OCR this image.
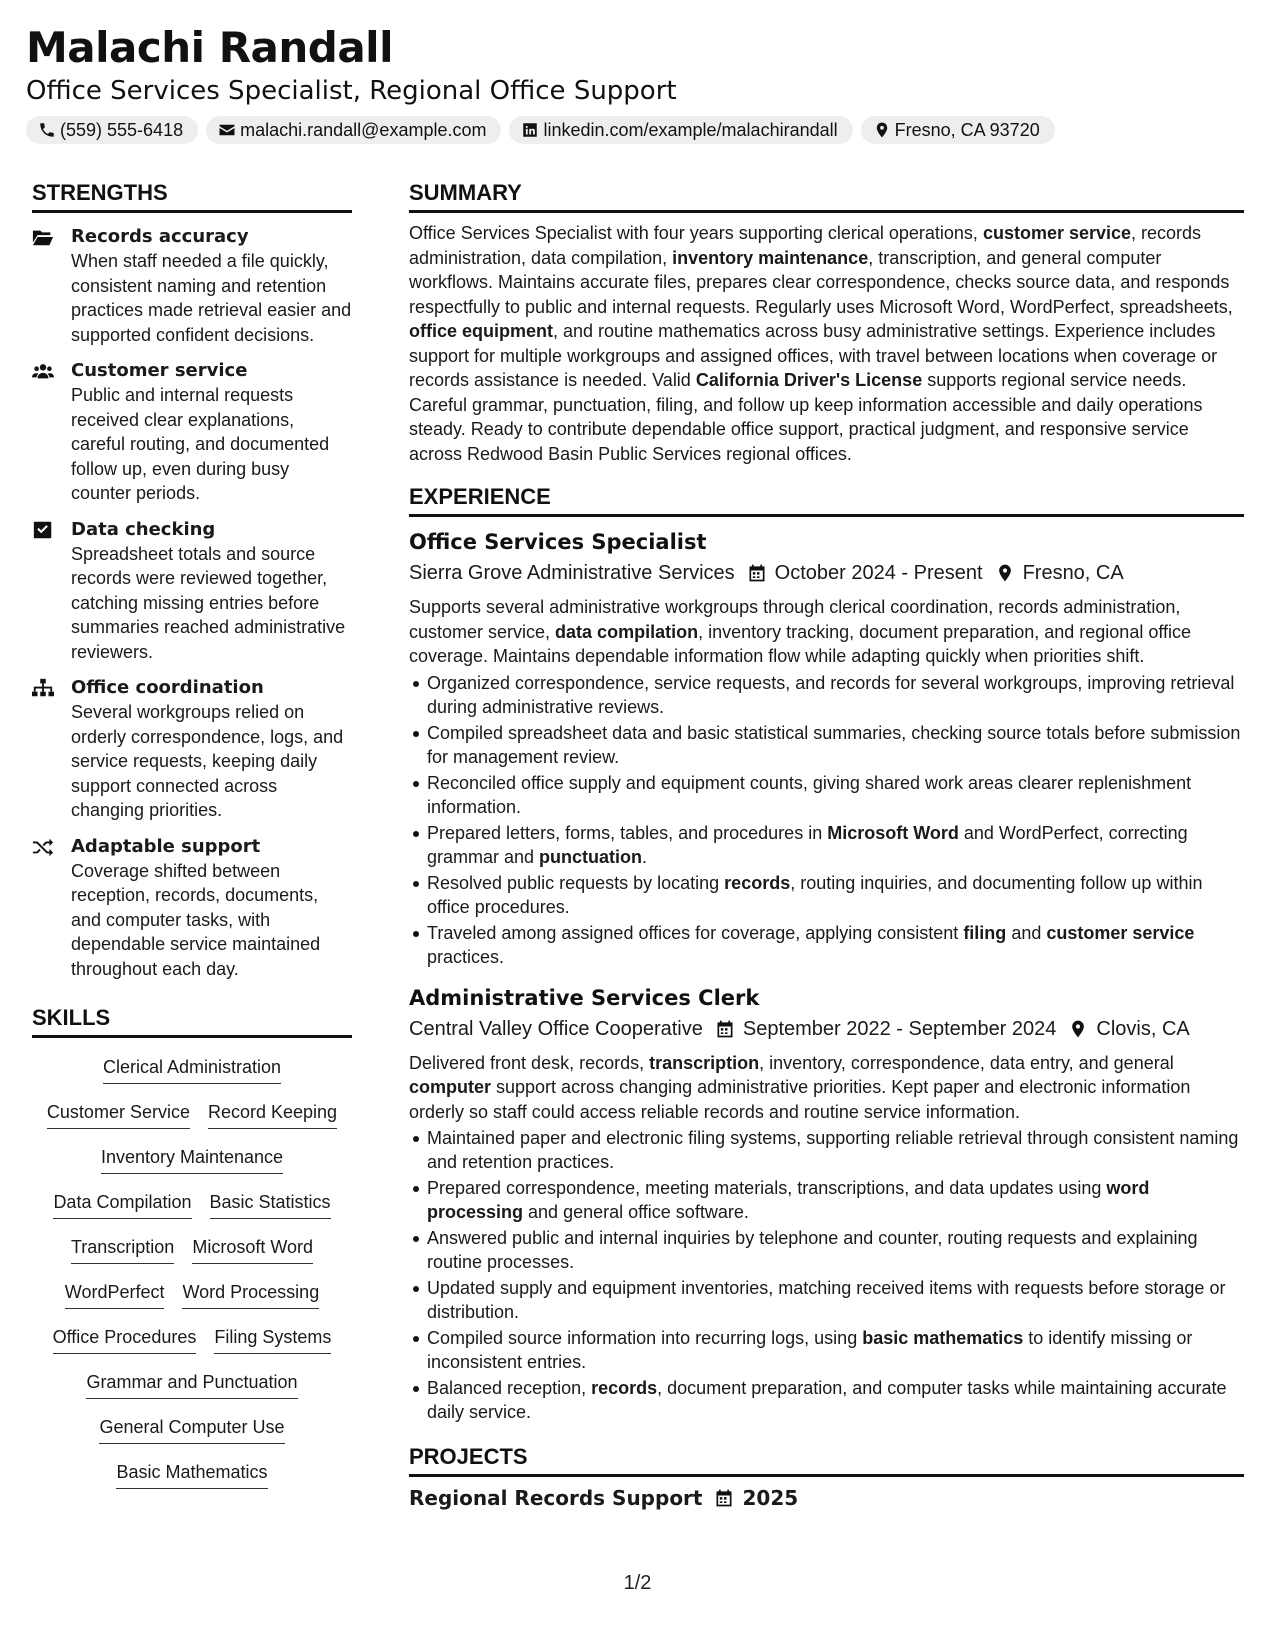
Malachi Randall
Office Services Specialist, Regional Office Support
(559) 555-6418	malachi.randall@example.com	linkedin.com/example/malachirandall	Fresno, CA 93720
STRENGTHS
Records accuracy
When staff needed a file quickly, consistent naming and retention practices made retrieval easier and supported confident decisions.
Customer service
Public and internal requests received clear explanations, careful routing, and documented follow up, even during busy counter periods.
Data checking
Spreadsheet totals and source records were reviewed together, catching missing entries before summaries reached administrative reviewers.
Office coordination
Several workgroups relied on orderly correspondence, logs, and service requests, keeping daily support connected across changing priorities.
Adaptable support
Coverage shifted between reception, records, documents, and computer tasks, with dependable service maintained throughout each day.
SKILLS
Clerical Administration
Customer Service Record Keeping
Inventory Maintenance
Data Compilation Basic Statistics
Transcription Microsoft Word
WordPerfect Word Processing
Office Procedures Filing Systems
Grammar and Punctuation
General Computer Use
Basic Mathematics
SUMMARY
Office Services Specialist with four years supporting clerical operations, customer service, records administration, data compilation, inventory maintenance, transcription, and general computer workflows. Maintains accurate files, prepares clear correspondence, checks source data, and responds respectfully to public and internal requests. Regularly uses Microsoft Word, WordPerfect, spreadsheets, office equipment, and routine mathematics across busy administrative settings. Experience includes support for multiple workgroups and assigned offices, with travel between locations when coverage or records assistance is needed. Valid California Driver's License supports regional service needs. Careful grammar, punctuation, filing, and follow up keep information accessible and daily operations steady. Ready to contribute dependable office support, practical judgment, and responsive service across Redwood Basin Public Services regional offices.
EXPERIENCE
Office Services Specialist
Sierra Grove Administrative Services October 2024 - Present Fresno, CA
Supports several administrative workgroups through clerical coordination, records administration, customer service, data compilation, inventory tracking, document preparation, and regional office coverage. Maintains dependable information flow while adapting quickly when priorities shift.
Organized correspondence, service requests, and records for several workgroups, improving retrieval during administrative reviews.
Compiled spreadsheet data and basic statistical summaries, checking source totals before submission for management review.
Reconciled office supply and equipment counts, giving shared work areas clearer replenishment information.
Prepared letters, forms, tables, and procedures in Microsoft Word and WordPerfect, correcting grammar and punctuation.
Resolved public requests by locating records, routing inquiries, and documenting follow up within office procedures.
Traveled among assigned offices for coverage, applying consistent filing and customer service practices.
Administrative Services Clerk
Central Valley Office Cooperative September 2022 - September 2024 Clovis, CA
Delivered front desk, records, transcription, inventory, correspondence, data entry, and general computer support across changing administrative priorities. Kept paper and electronic information orderly so staff could access reliable records and routine service information.
Maintained paper and electronic filing systems, supporting reliable retrieval through consistent naming and retention practices.
Prepared correspondence, meeting materials, transcriptions, and data updates using word processing and general office software.
Answered public and internal inquiries by telephone and counter, routing requests and explaining routine processes.
Updated supply and equipment inventories, matching received items with requests before storage or distribution.
Compiled source information into recurring logs, using basic mathematics to identify missing or inconsistent entries.
Balanced reception, records, document preparation, and computer tasks while maintaining accurate daily service.
PROJECTS
Regional Records Support 2025
1/2
